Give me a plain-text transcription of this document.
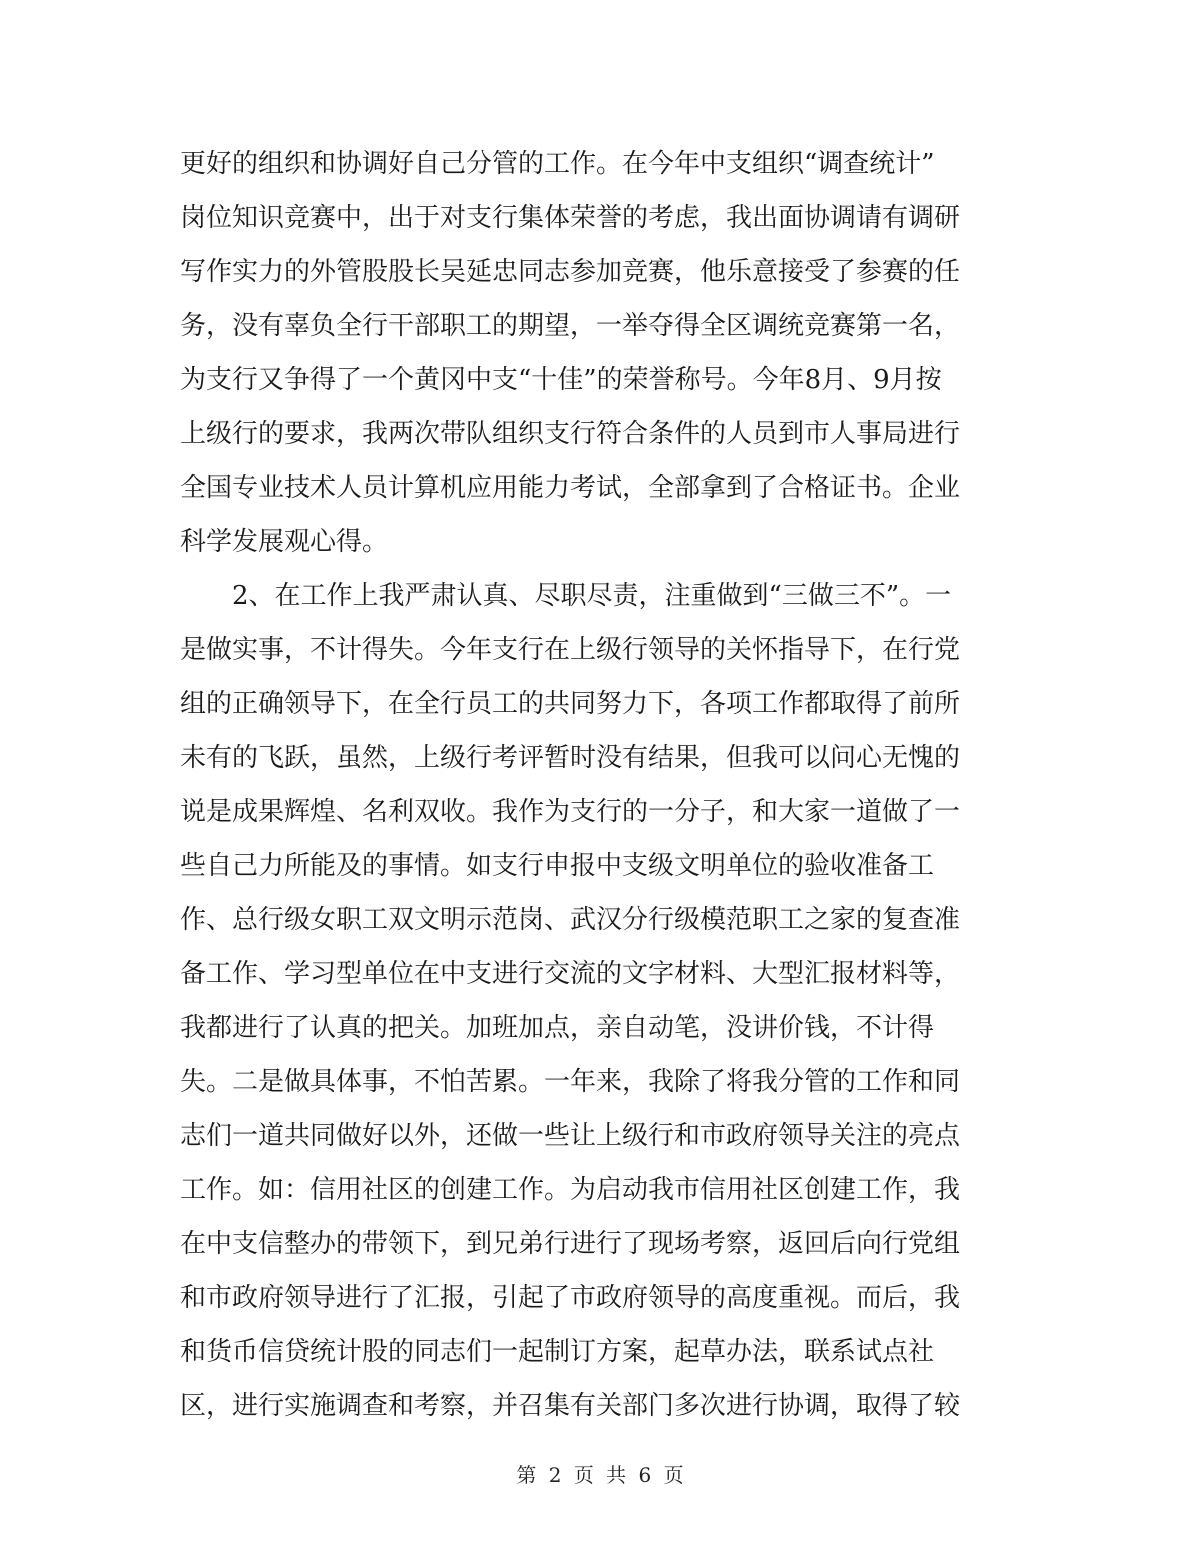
更好的组织和协调好自己分管的工作。在今年中支组织“调查统计”
岗位知识竞赛中，出于对支行集体荣誉的考虑，我出面协调请有调研
写作实力的外管股股长吴延忠同志参加竞赛，他乐意接受了参赛的任
务，没有辜负全行干部职工的期望，一举夺得全区调统竞赛第一名，
为支行又争得了一个黄冈中支“十佳”的荣誉称号。今年8月、9月按
上级行的要求，我两次带队组织支行符合条件的人员到市人事局进行
全国专业技术人员计算机应用能力考试，全部拿到了合格证书。企业
科学发展观心得。
　　2、在工作上我严肃认真、尽职尽责，注重做到“三做三不”。一
是做实事，不计得失。今年支行在上级行领导的关怀指导下，在行党
组的正确领导下，在全行员工的共同努力下，各项工作都取得了前所
未有的飞跃，虽然，上级行考评暂时没有结果，但我可以问心无愧的
说是成果辉煌、名利双收。我作为支行的一分子，和大家一道做了一
些自己力所能及的事情。如支行申报中支级文明单位的验收准备工
作、总行级女职工双文明示范岗、武汉分行级模范职工之家的复查准
备工作、学习型单位在中支进行交流的文字材料、大型汇报材料等，
我都进行了认真的把关。加班加点，亲自动笔，没讲价钱，不计得
失。二是做具体事，不怕苦累。一年来，我除了将我分管的工作和同
志们一道共同做好以外，还做一些让上级行和市政府领导关注的亮点
工作。如：信用社区的创建工作。为启动我市信用社区创建工作，我
在中支信整办的带领下，到兄弟行进行了现场考察，返回后向行党组
和市政府领导进行了汇报，引起了市政府领导的高度重视。而后，我
和货币信贷统计股的同志们一起制订方案，起草办法，联系试点社
区，进行实施调查和考察，并召集有关部门多次进行协调，取得了较
第 2 页 共 6 页
